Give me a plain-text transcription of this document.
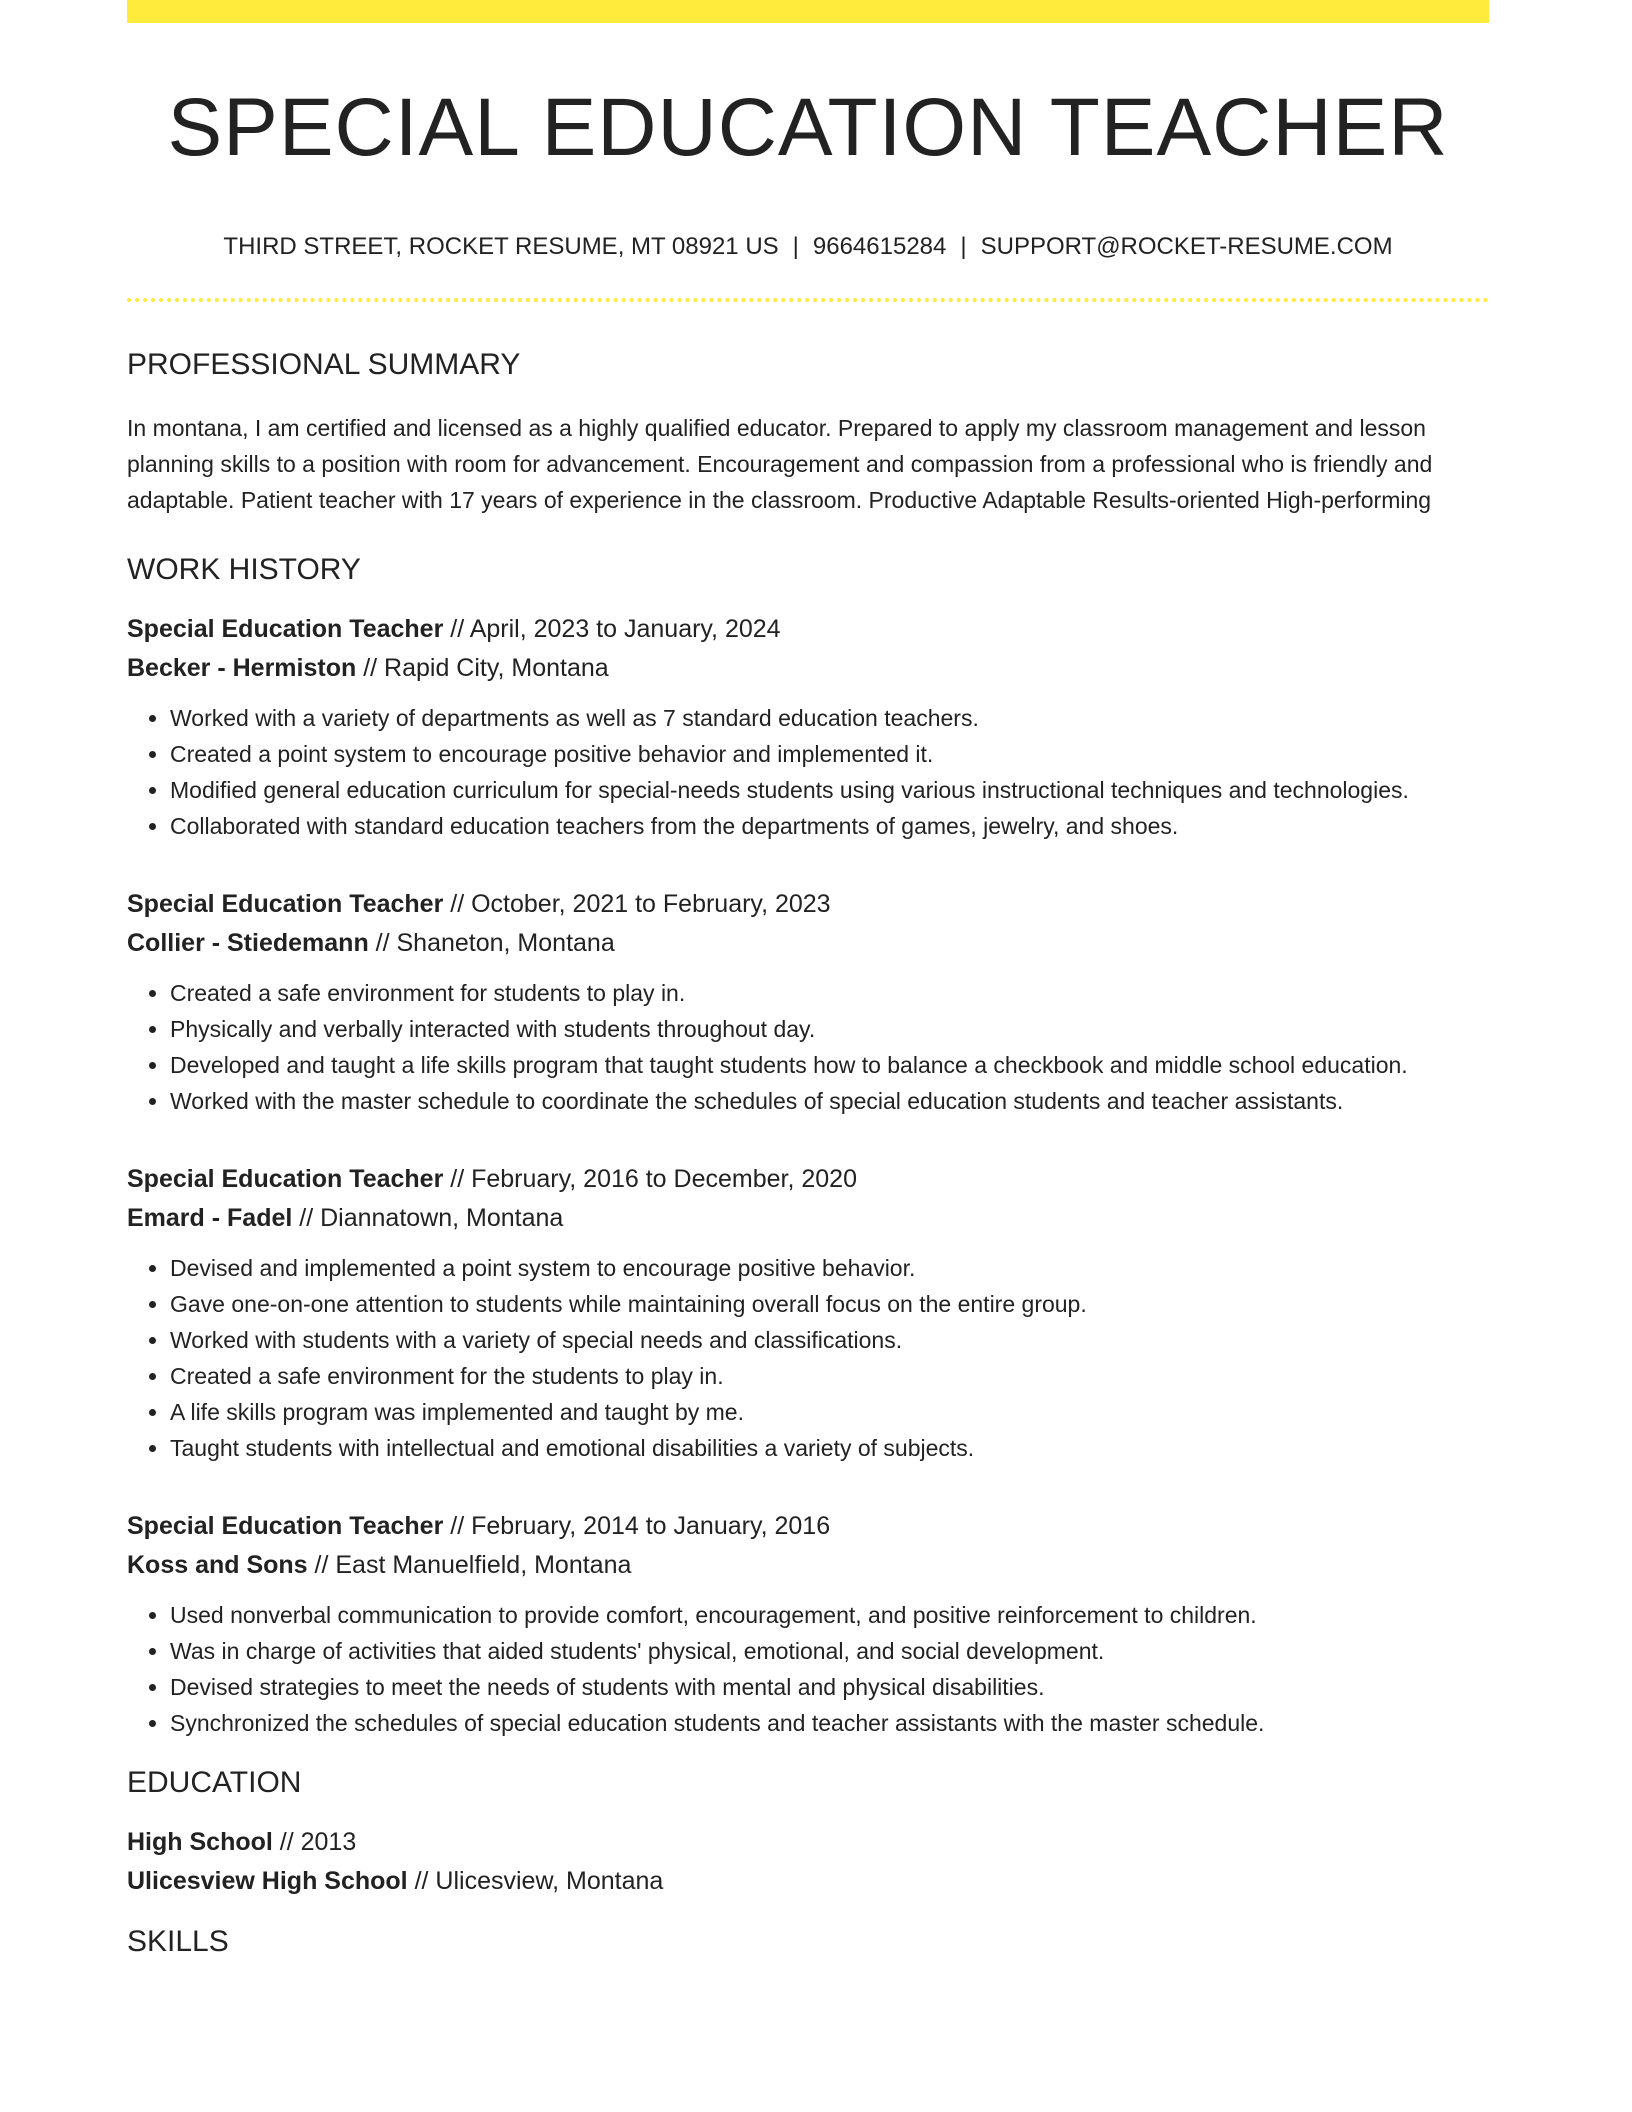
SPECIAL EDUCATION TEACHER
THIRD STREET, ROCKET RESUME, MT 08921 US | 9664615284 | SUPPORT@ROCKET-RESUME.COM
PROFESSIONAL SUMMARY
In montana, I am certified and licensed as a highly qualified educator. Prepared to apply my classroom management and lesson planning skills to a position with room for advancement. Encouragement and compassion from a professional who is friendly and adaptable. Patient teacher with 17 years of experience in the classroom. Productive Adaptable Results-oriented High-performing
WORK HISTORY
Special Education Teacher // April, 2023 to January, 2024
Becker - Hermiston // Rapid City, Montana
• Worked with a variety of departments as well as 7 standard education teachers.
• Created a point system to encourage positive behavior and implemented it.
• Modified general education curriculum for special-needs students using various instructional techniques and technologies.
• Collaborated with standard education teachers from the departments of games, jewelry, and shoes.
Special Education Teacher // October, 2021 to February, 2023
Collier - Stiedemann // Shaneton, Montana
• Created a safe environment for students to play in.
• Physically and verbally interacted with students throughout day.
• Developed and taught a life skills program that taught students how to balance a checkbook and middle school education.
• Worked with the master schedule to coordinate the schedules of special education students and teacher assistants.
Special Education Teacher // February, 2016 to December, 2020
Emard - Fadel // Diannatown, Montana
• Devised and implemented a point system to encourage positive behavior.
• Gave one-on-one attention to students while maintaining overall focus on the entire group.
• Worked with students with a variety of special needs and classifications.
• Created a safe environment for the students to play in.
• A life skills program was implemented and taught by me.
• Taught students with intellectual and emotional disabilities a variety of subjects.
Special Education Teacher // February, 2014 to January, 2016
Koss and Sons // East Manuelfield, Montana
• Used nonverbal communication to provide comfort, encouragement, and positive reinforcement to children.
• Was in charge of activities that aided students' physical, emotional, and social development.
• Devised strategies to meet the needs of students with mental and physical disabilities.
• Synchronized the schedules of special education students and teacher assistants with the master schedule.
EDUCATION
High School // 2013
Ulicesview High School // Ulicesview, Montana
SKILLS
